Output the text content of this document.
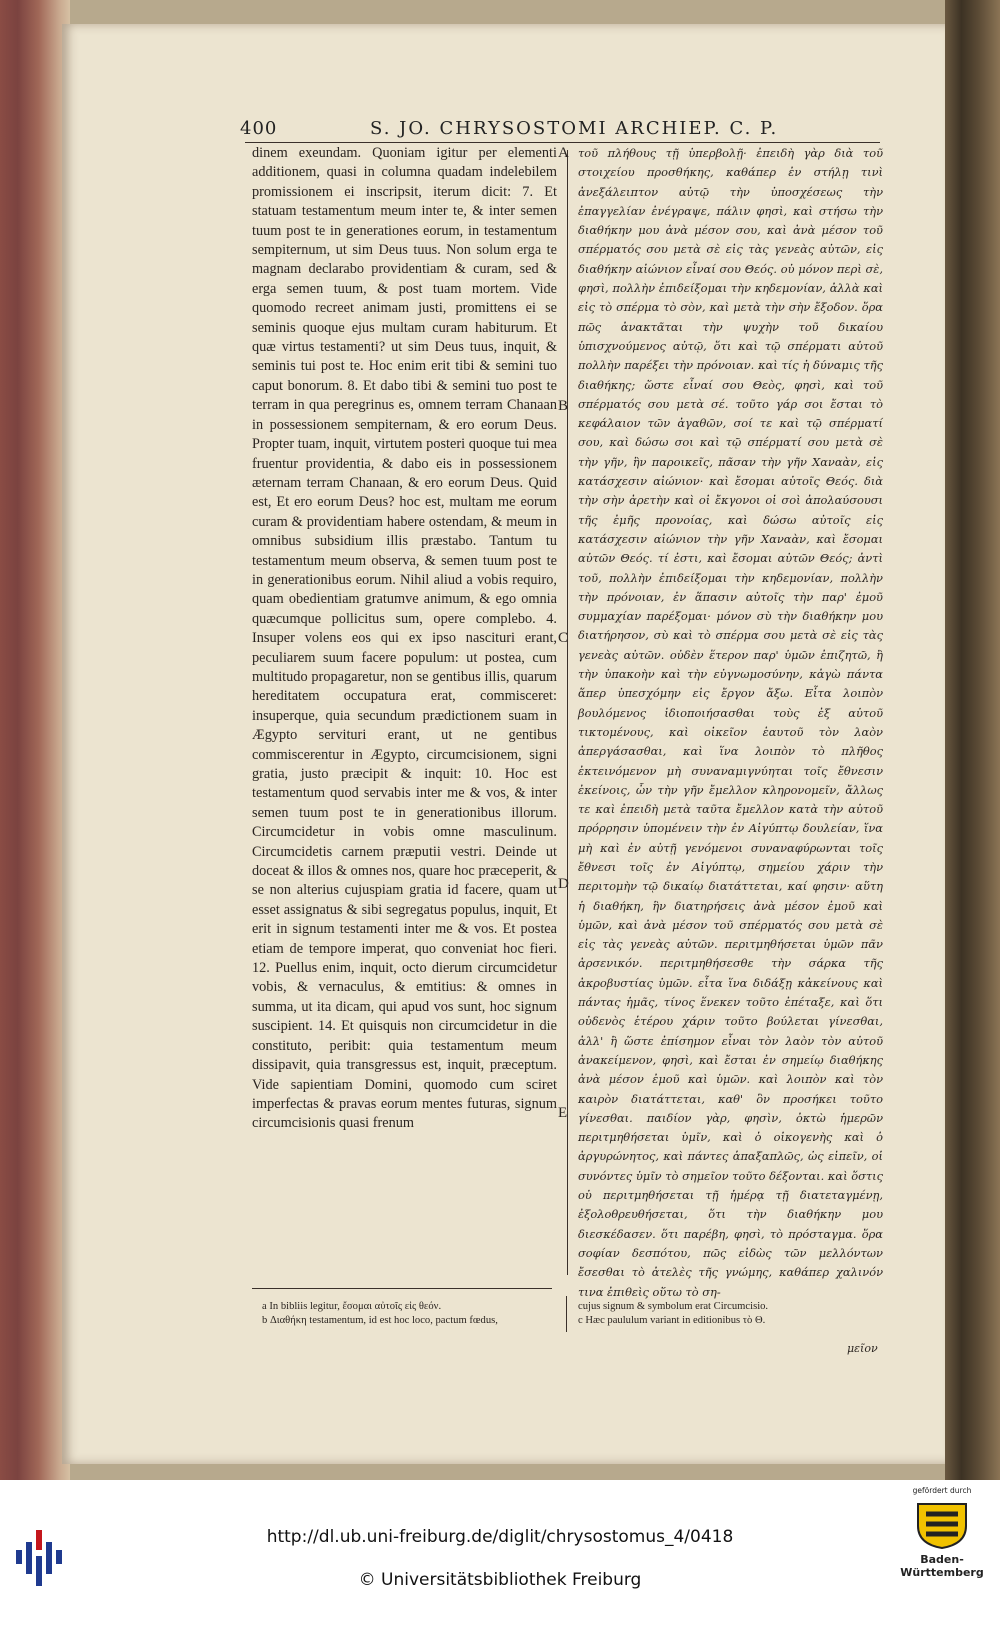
400	S. JO. CHRYSOSTOMI ARCHIEP. C. P.

dinem exeundam. Quoniam igitur per elementi additionem, quasi in columna quadam indelebilem promissionem ei inscripsit, iterum dicit: 7. Et statuam testamentum meum inter te, & inter semen tuum post te in generationes eorum, in testamentum sempiternum, ut sim Deus tuus. Non solum erga te magnam declarabo providentiam & curam, sed & erga semen tuum, & post tuam mortem. Vide quomodo recreet animam justi, promittens ei se seminis quoque ejus multam curam habiturum. Et quæ virtus testamenti? ut sim Deus tuus, inquit, & seminis tui post te. Hoc enim erit tibi & semini tuo caput bonorum. 8. Et dabo tibi & semini tuo post te terram in qua peregrinus es, omnem terram Chanaan in possessionem sempiternam, & ero eorum Deus. Propter tuam, inquit, virtutem posteri quoque tui mea fruentur providentia, & dabo eis in possessionem æternam terram Chanaan, & ero eorum Deus. Quid est, Et ero eorum Deus? hoc est, multam me eorum curam & providentiam habere ostendam, & meum in omnibus subsidium illis præstabo. Tantum tu testamentum meum observa, & semen tuum post te in generationibus eorum. Nihil aliud a vobis requiro, quam obedientiam gratumve animum, & ego omnia quæcumque pollicitus sum, opere complebo. 4. Insuper volens eos qui ex ipso nascituri erant, peculiarem suum facere populum: ut postea, cum multitudo propagaretur, non se gentibus illis, quarum hereditatem occupatura erat, commisceret: insuperque, quia secundum prædictionem suam in Ægypto servituri erant, ut ne gentibus commiscerentur in Ægypto, circumcisionem, signi gratia, justo præcipit & inquit: 10. Hoc est testamentum quod servabis inter me & vos, & inter semen tuum post te in generationibus illorum. Circumcidetur in vobis omne masculinum. Circumcidetis carnem præputii vestri. Deinde ut doceat & illos & omnes nos, quare hoc præceperit, & se non alterius cujuspiam gratia id facere, quam ut esset assignatus & sibi segregatus populus, inquit, Et erit in signum testamenti inter me & vos. Et postea etiam de tempore imperat, quo conveniat hoc fieri. 12. Puellus enim, inquit, octo dierum circumcidetur vobis, & vernaculus, & emtitius: & omnes in summa, ut ita dicam, qui apud vos sunt, hoc signum suscipient. 14. Et quisquis non circumcidetur in die constituto, peribit: quia testamentum meum dissipavit, quia transgressus est, inquit, præceptum. Vide sapientiam Domini, quomodo cum sciret imperfectas & pravas eorum mentes futuras, signum circumcisionis quasi frenum

τοῦ πλήθους τῇ ὑπερβολῇ· ἐπειδὴ γὰρ διὰ τοῦ στοιχείου προσθήκης, καθάπερ ἐν στήλῃ τινὶ ἀνεξάλειπτον αὐτῷ τὴν ὑποσχέσεως τὴν ἐπαγγελίαν ἐνέγραψε, πάλιν φησὶ, καὶ στήσω τὴν διαθήκην μου ἀνὰ μέσον σου, καὶ ἀνὰ μέσον τοῦ σπέρματός σου μετὰ σὲ εἰς τὰς γενεὰς αὐτῶν, εἰς διαθήκην αἰώνιον εἶναί σου Θεός. οὐ μόνον περὶ σὲ, φησὶ, πολλὴν ἐπιδείξομαι τὴν κηδεμονίαν, ἀλλὰ καὶ εἰς τὸ σπέρμα τὸ σὸν, καὶ μετὰ τὴν σὴν ἔξοδον. ὅρα πῶς ἀνακτᾶται τὴν ψυχὴν τοῦ δικαίου ὑπισχνούμενος αὐτῷ, ὅτι καὶ τῷ σπέρματι αὐτοῦ πολλὴν παρέξει τὴν πρόνοιαν. καὶ τίς ἡ δύναμις τῆς διαθήκης; ὥστε εἶναί σου Θεὸς, φησὶ, καὶ τοῦ σπέρματός σου μετὰ σέ. τοῦτο γάρ σοι ἔσται τὸ κεφάλαιον τῶν ἀγαθῶν, σοί τε καὶ τῷ σπέρματί σου, καὶ δώσω σοι καὶ τῷ σπέρματί σου μετὰ σὲ τὴν γῆν, ἣν παροικεῖς, πᾶσαν τὴν γῆν Χαναὰν, εἰς κατάσχεσιν αἰώνιον· καὶ ἔσομαι αὐτοῖς Θεός. διὰ τὴν σὴν ἀρετὴν καὶ οἱ ἔκγονοι οἱ σοὶ ἀπολαύσουσι τῆς ἐμῆς προνοίας, καὶ δώσω αὐτοῖς εἰς κατάσχεσιν αἰώνιον τὴν γῆν Χαναὰν, καὶ ἔσομαι αὐτῶν Θεός. τί ἐστι, καὶ ἔσομαι αὐτῶν Θεός; ἀντὶ τοῦ, πολλὴν ἐπιδείξομαι τὴν κηδεμονίαν, πολλὴν τὴν πρόνοιαν, ἐν ἅπασιν αὐτοῖς τὴν παρ' ἐμοῦ συμμαχίαν παρέξομαι· μόνον σὺ τὴν διαθήκην μου διατήρησον, σὺ καὶ τὸ σπέρμα σου μετὰ σὲ εἰς τὰς γενεὰς αὐτῶν. οὐδὲν ἕτερον παρ' ὑμῶν ἐπιζητῶ, ἢ τὴν ὑπακοὴν καὶ τὴν εὐγνωμοσύνην, κἀγὼ πάντα ἅπερ ὑπεσχόμην εἰς ἔργον ἄξω. Εἶτα λοιπὸν βουλόμενος ἰδιοποιήσασθαι τοὺς ἐξ αὐτοῦ τικτομένους, καὶ οἰκεῖον ἑαυτοῦ τὸν λαὸν ἀπεργάσασθαι, καὶ ἵνα λοιπὸν τὸ πλῆθος ἐκτεινόμενον μὴ συναναμιγνύηται τοῖς ἔθνεσιν ἐκείνοις, ὧν τὴν γῆν ἔμελλον κληρονομεῖν, ἄλλως τε καὶ ἐπειδὴ μετὰ ταῦτα ἔμελλον κατὰ τὴν αὐτοῦ πρόρρησιν ὑπομένειν τὴν ἐν Αἰγύπτῳ δουλείαν, ἵνα μὴ καὶ ἐν αὐτῇ γενόμενοι συναναφύρωνται τοῖς ἔθνεσι τοῖς ἐν Αἰγύπτῳ, σημείου χάριν τὴν περιτομὴν τῷ δικαίῳ διατάττεται, καί φησιν· αὕτη ἡ διαθήκη, ἣν διατηρήσεις ἀνὰ μέσον ἐμοῦ καὶ ὑμῶν, καὶ ἀνὰ μέσον τοῦ σπέρματός σου μετὰ σὲ εἰς τὰς γενεὰς αὐτῶν. περιτμηθήσεται ὑμῶν πᾶν ἀρσενικόν. περιτμηθήσεσθε τὴν σάρκα τῆς ἀκροβυστίας ὑμῶν. εἶτα ἵνα διδάξῃ κἀκείνους καὶ πάντας ἡμᾶς, τίνος ἕνεκεν τοῦτο ἐπέταξε, καὶ ὅτι οὐδενὸς ἑτέρου χάριν τοῦτο βούλεται γίνεσθαι, ἀλλ' ἢ ὥστε ἐπίσημον εἶναι τὸν λαὸν τὸν αὐτοῦ ἀνακείμενον, φησὶ, καὶ ἔσται ἐν σημείῳ διαθήκης ἀνὰ μέσον ἐμοῦ καὶ ὑμῶν. καὶ λοιπὸν καὶ τὸν καιρὸν διατάττεται, καθ' ὃν προσήκει τοῦτο γίνεσθαι. παιδίον γὰρ, φησὶν, ὀκτὼ ἡμερῶν περιτμηθήσεται ὑμῖν, καὶ ὁ οἰκογενὴς καὶ ὁ ἀργυρώνητος, καὶ πάντες ἁπαξαπλῶς, ὡς εἰπεῖν, οἱ συνόντες ὑμῖν τὸ σημεῖον τοῦτο δέξονται. καὶ ὅστις οὐ περιτμηθήσεται τῇ ἡμέρᾳ τῇ διατεταγμένῃ, ἐξολοθρευθήσεται, ὅτι τὴν διαθήκην μου διεσκέδασεν. ὅτι παρέβη, φησὶ, τὸ πρόσταγμα. ὅρα σοφίαν δεσπότου, πῶς εἰδὼς τῶν μελλόντων ἔσεσθαι τὸ ἀτελὲς τῆς γνώμης, καθάπερ χαλινόν τινα ἐπιθεὶς οὕτω τὸ ση-

A
B
C
D
E
a In bibliis legitur, ἔσομαι αὐτοῖς εἰς θεόν.
b Διαθήκη testamentum, id est hoc loco, pactum fœdus,
cujus signum & symbolum erat Circumcisio.
c Hæc paululum variant in editionibus τὸ Θ.
μεῖον
http://dl.ub.uni-freiburg.de/diglit/chrysostomus_4/0418
© Universitätsbibliothek Freiburg
gefördert durch
Baden-Württemberg
